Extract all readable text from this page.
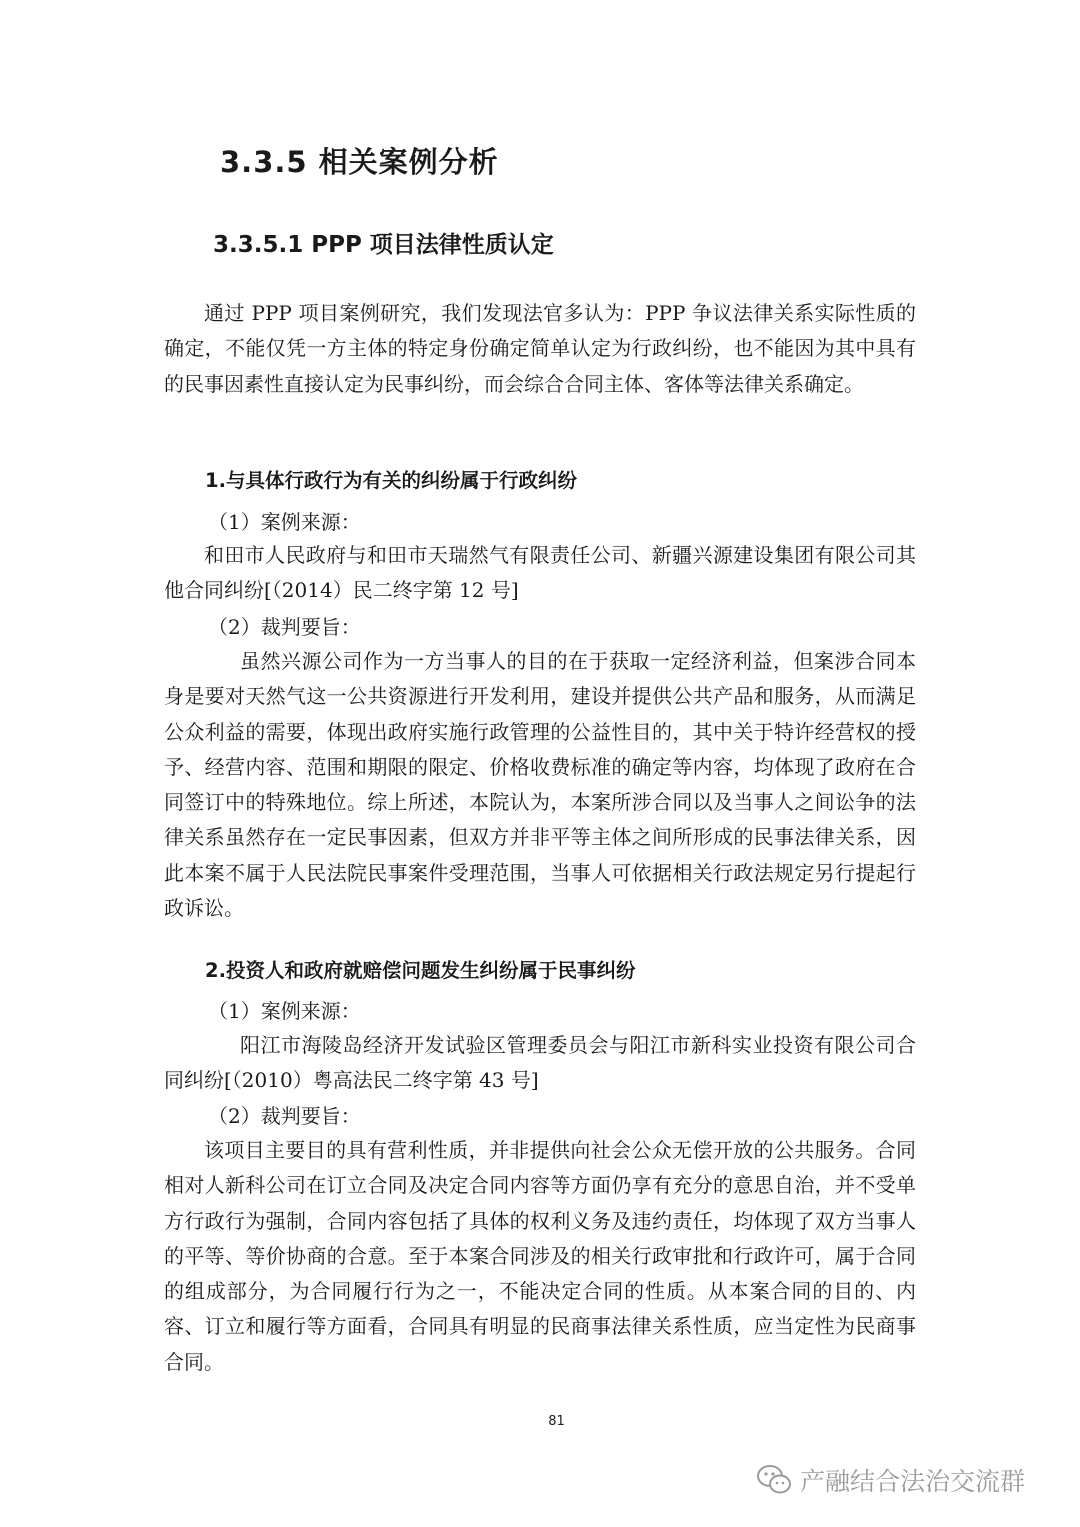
3.3.5 相关案例分析
3.3.5.1 PPP 项目法律性质认定

通过 PPP 项目案例研究，我们发现法官多认为：PPP 争议法律关系实际性质的确定，不能仅凭一方主体的特定身份确定简单认定为行政纠纷，也不能因为其中具有的民事因素性直接认定为民事纠纷，而会综合合同主体、客体等法律关系确定。

1.与具体行政行为有关的纠纷属于行政纠纷
（1）案例来源：

和田市人民政府与和田市天瑞然气有限责任公司、新疆兴源建设集团有限公司其他合同纠纷[（2014）民二终字第 12 号]

（2）裁判要旨：

虽然兴源公司作为一方当事人的目的在于获取一定经济利益，但案涉合同本身是要对天然气这一公共资源进行开发利用，建设并提供公共产品和服务，从而满足公众利益的需要，体现出政府实施行政管理的公益性目的，其中关于特许经营权的授予、经营内容、范围和期限的限定、价格收费标准的确定等内容，均体现了政府在合同签订中的特殊地位。综上所述，本院认为，本案所涉合同以及当事人之间讼争的法律关系虽然存在一定民事因素，但双方并非平等主体之间所形成的民事法律关系，因此本案不属于人民法院民事案件受理范围，当事人可依据相关行政法规定另行提起行政诉讼。

2.投资人和政府就赔偿问题发生纠纷属于民事纠纷
（1）案例来源：

阳江市海陵岛经济开发试验区管理委员会与阳江市新科实业投资有限公司合同纠纷[（2010）粤高法民二终字第 43 号]

（2）裁判要旨：

该项目主要目的具有营利性质，并非提供向社会公众无偿开放的公共服务。合同相对人新科公司在订立合同及决定合同内容等方面仍享有充分的意思自治，并不受单方行政行为强制，合同内容包括了具体的权利义务及违约责任，均体现了双方当事人的平等、等价协商的合意。至于本案合同涉及的相关行政审批和行政许可，属于合同的组成部分，为合同履行行为之一，不能决定合同的性质。从本案合同的目的、内容、订立和履行等方面看，合同具有明显的民商事法律关系性质，应当定性为民商事合同。

81
产融结合法治交流群
